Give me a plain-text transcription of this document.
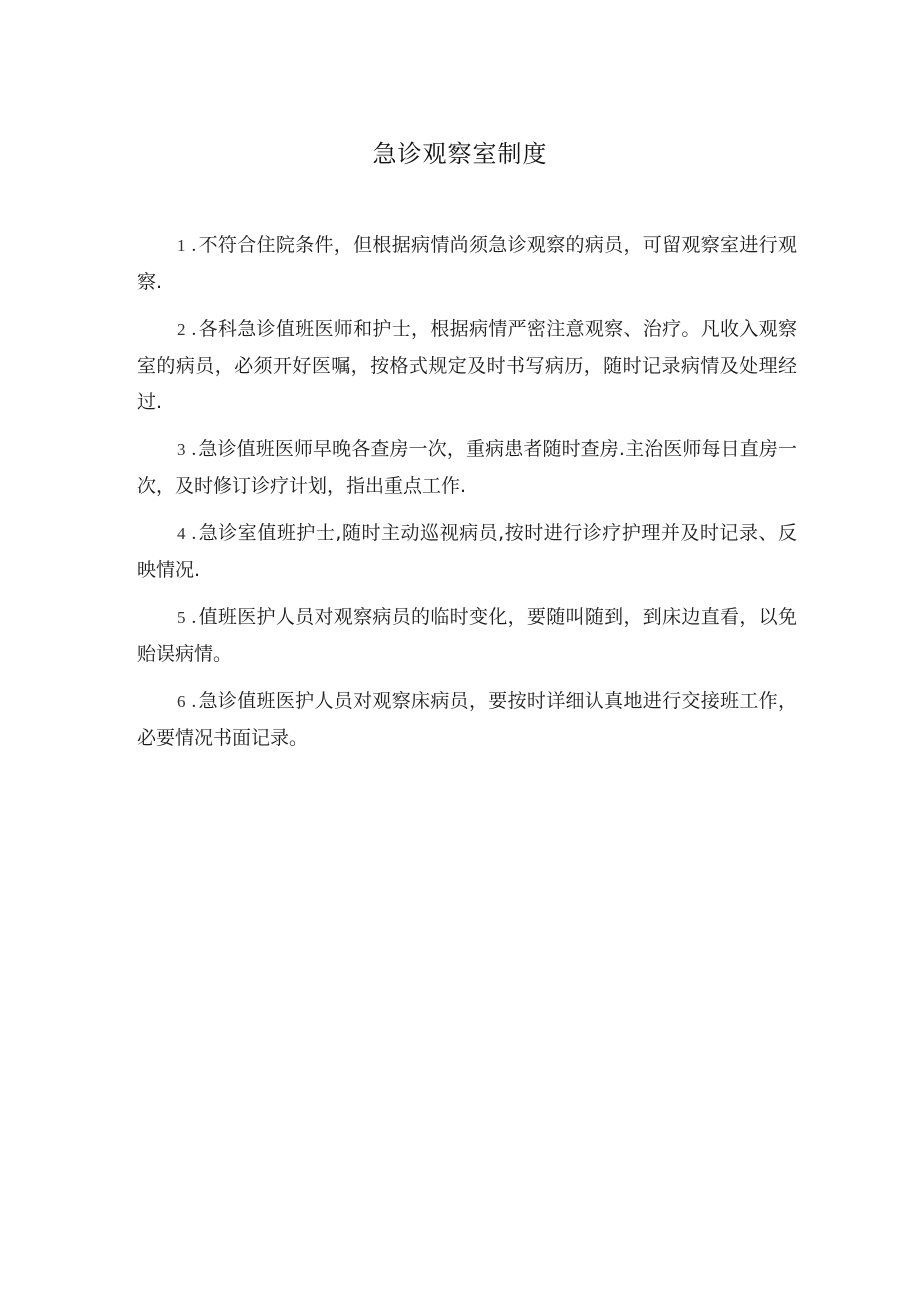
急诊观察室制度

1 . 不符合住院条件，但根据病情尚须急诊观察的病员，可留观察室进行观察.

2 . 各科急诊值班医师和护士，根据病情严密注意观察、治疗。凡收入观察室的病员，必须开好医嘱，按格式规定及时书写病历，随时记录病情及处理经过.

3 . 急诊值班医师早晚各查房一次，重病患者随时查房.主治医师每日直房一次，及时修订诊疗计划，指出重点工作.

4 . 急诊室值班护士,随时主动巡视病员,按时进行诊疗护理并及时记录、反映情况.

5 . 值班医护人员对观察病员的临时变化，要随叫随到，到床边直看，以免贻误病情。

6 . 急诊值班医护人员对观察床病员，要按时详细认真地进行交接班工作，必要情况书面记录。
